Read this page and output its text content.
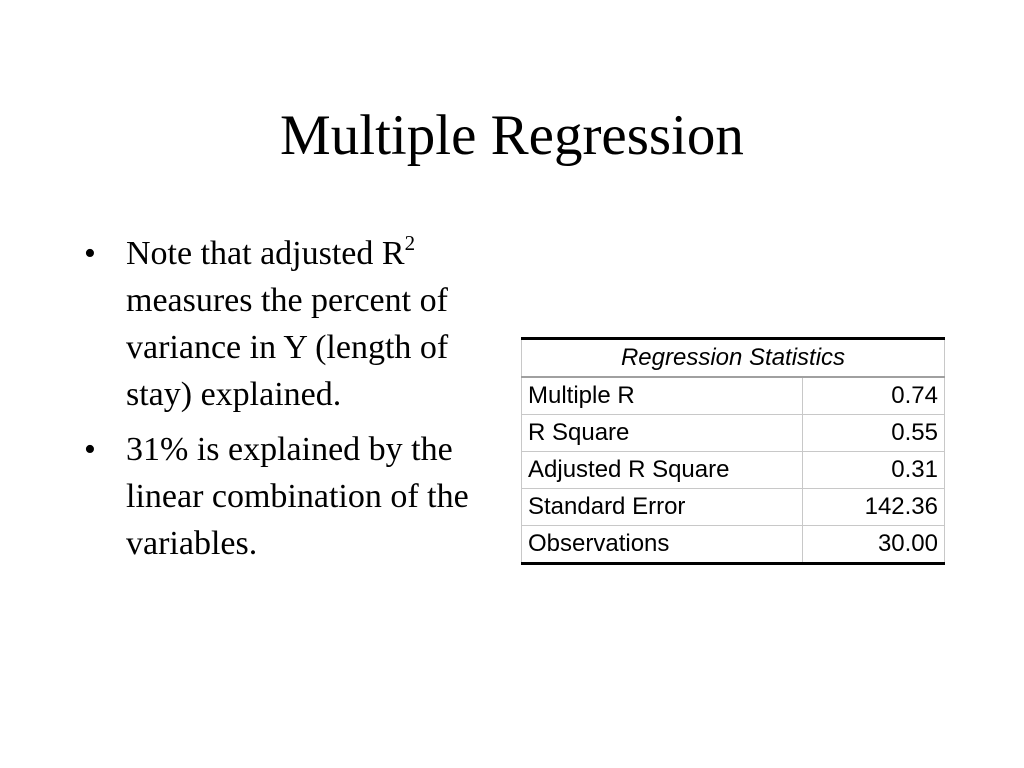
Multiple Regression
• Note that adjusted $R^2$ measures the percent of variance in Y (length of stay) explained.
• 31% is explained by the linear combination of the variables.
Regression Statistics	
Multiple R	0.74
R Square	0.55
Adjusted R Square	0.31
Standard Error	142.36
Observations	30.00
